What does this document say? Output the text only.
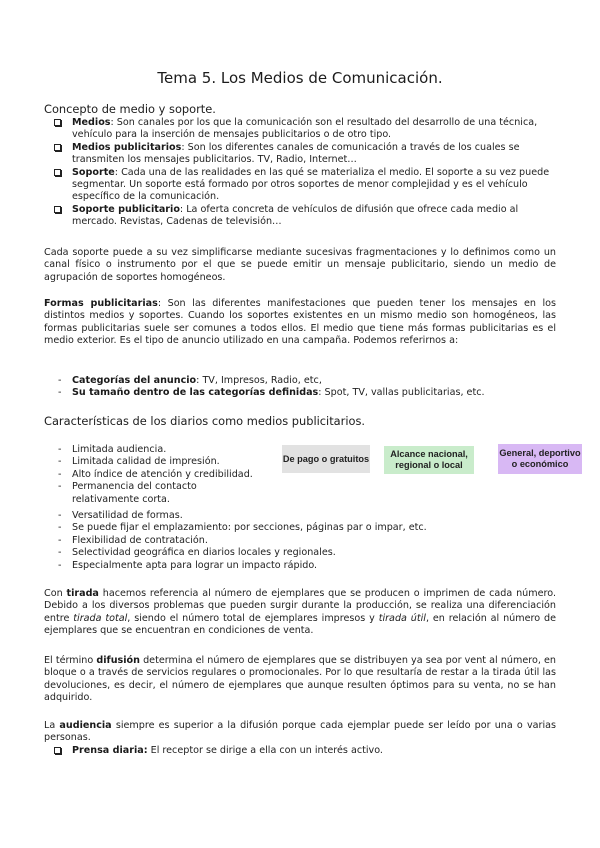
Tema 5. Los Medios de Comunicación.
Concepto de medio y soporte.
Medios: Son canales por los que la comunicación son el resultado del desarrollo de una técnica, vehículo para la inserción de mensajes publicitarios o de otro tipo.
Medios publicitarios: Son los diferentes canales de comunicación a través de los cuales se transmiten los mensajes publicitarios. TV, Radio, Internet…
Soporte: Cada una de las realidades en las qué se materializa el medio. El soporte a su vez puede segmentar. Un soporte está formado por otros soportes de menor complejidad y es el vehículo específico de la comunicación.
Soporte publicitario: La oferta concreta de vehículos de difusión que ofrece cada medio al mercado. Revistas, Cadenas de televisión…
Cada soporte puede a su vez simplificarse mediante sucesivas fragmentaciones y lo definimos como un canal físico o instrumento por el que se puede emitir un mensaje publicitario, siendo un medio de agrupación de soportes homogéneos.
Formas publicitarias: Son las diferentes manifestaciones que pueden tener los mensajes en los distintos medios y soportes. Cuando los soportes existentes en un mismo medio son homogéneos, las formas publicitarias suele ser comunes a todos ellos. El medio que tiene más formas publicitarias es el medio exterior. Es el tipo de anuncio utilizado en una campaña. Podemos referirnos a:
- Categorías del anuncio: TV, Impresos, Radio, etc,
- Su tamaño dentro de las categorías definidas: Spot, TV, vallas publicitarias, etc.
Características de los diarios como medios publicitarios.
- Limitada audiencia.
- Limitada calidad de impresión.
- Alto índice de atención y credibilidad.
- Permanencia del contacto relativamente corta.
- Versatilidad de formas.
- Se puede fijar el emplazamiento: por secciones, páginas par o impar, etc.
- Flexibilidad de contratación.
- Selectividad geográfica en diarios locales y regionales.
- Especialmente apta para lograr un impacto rápido.
De pago o gratuitos	Alcance nacional, regional o local
General, deportivo o económico
Con tirada hacemos referencia al número de ejemplares que se producen o imprimen de cada número. Debido a los diversos problemas que pueden surgir durante la producción, se realiza una diferenciación entre tirada total, siendo el número total de ejemplares impresos y tirada útil, en relación al número de ejemplares que se encuentran en condiciones de venta.
El término difusión determina el número de ejemplares que se distribuyen ya sea por vent al número, en bloque o a través de servicios regulares o promocionales. Por lo que resultaría de restar a la tirada útil las devoluciones, es decir, el número de ejemplares que aunque resulten óptimos para su venta, no se han adquirido.
La audiencia siempre es superior a la difusión porque cada ejemplar puede ser leído por una o varias personas.
Prensa diaria: El receptor se dirige a ella con un interés activo.
